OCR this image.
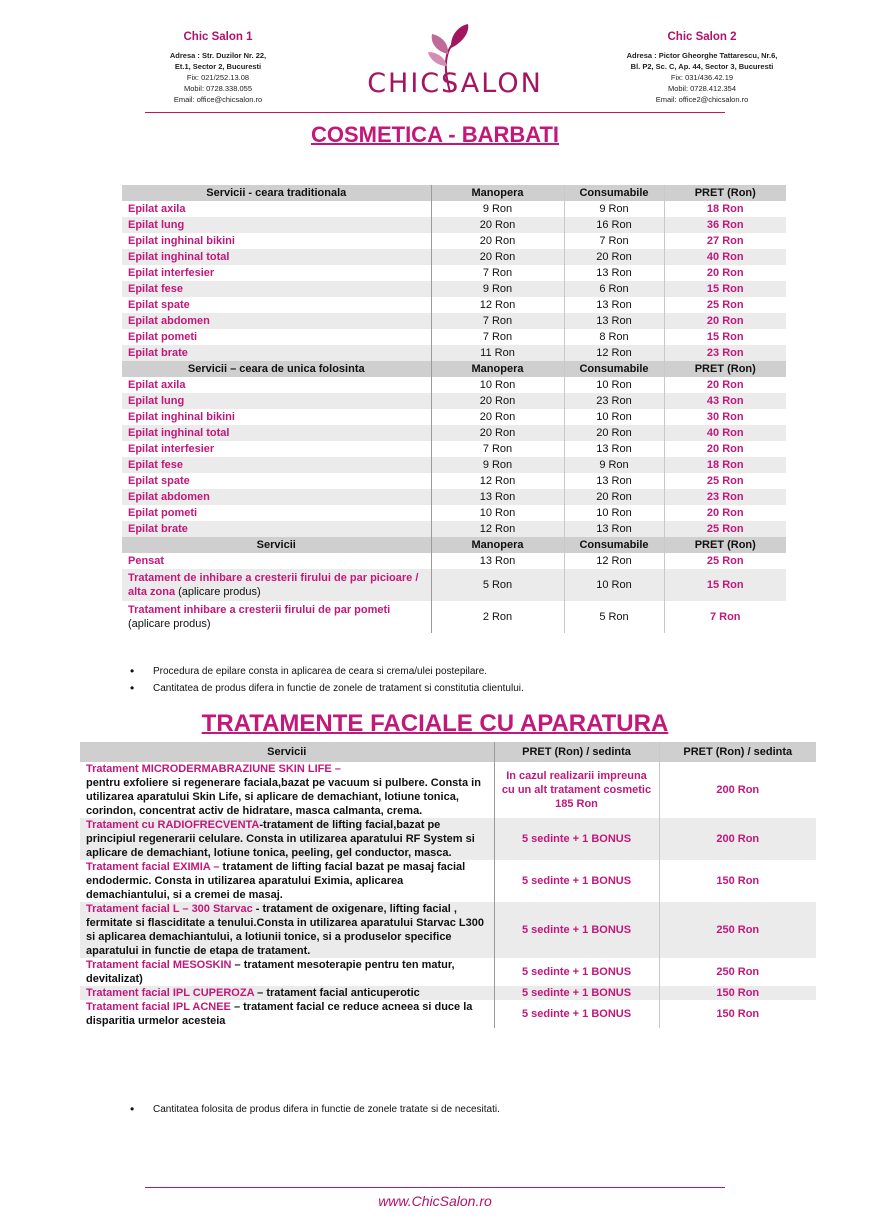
Chic Salon 1
Adresa : Str. Duzilor Nr. 22,
Et.1, Sector 2, Bucuresti
Fix: 021/252.13.08
Mobil: 0728.338.055
Email: office@chicsalon.ro
CHICSALON
Chic Salon 2
Adresa : Pictor Gheorghe Tattarescu, Nr.6,
Bl. P2, Sc. C, Ap. 44, Sector 3, Bucuresti
Fix: 031/436.42.19
Mobil: 0728.412.354
Email: office2@chicsalon.ro
COSMETICA - BARBATI
Servicii - ceara traditionala	Manopera	Consumabile	PRET (Ron)
Epilat axila	9 Ron	9 Ron	18 Ron
Epilat lung	20 Ron	16 Ron	36 Ron
Epilat inghinal bikini	20 Ron	7 Ron	27 Ron
Epilat inghinal total	20 Ron	20 Ron	40 Ron
Epilat interfesier	7 Ron	13 Ron	20 Ron
Epilat fese	9 Ron	6 Ron	15 Ron
Epilat spate	12 Ron	13 Ron	25 Ron
Epilat abdomen	7 Ron	13 Ron	20 Ron
Epilat pometi	7 Ron	8 Ron	15 Ron
Epilat brate	11 Ron	12 Ron	23 Ron
Servicii – ceara de unica folosinta	Manopera	Consumabile	PRET (Ron)
Epilat axila	10 Ron	10 Ron	20 Ron
Epilat lung	20 Ron	23 Ron	43 Ron
Epilat inghinal bikini	20 Ron	10 Ron	30 Ron
Epilat inghinal total	20 Ron	20 Ron	40 Ron
Epilat interfesier	7 Ron	13 Ron	20 Ron
Epilat fese	9 Ron	9 Ron	18 Ron
Epilat spate	12 Ron	13 Ron	25 Ron
Epilat abdomen	13 Ron	20 Ron	23 Ron
Epilat pometi	10 Ron	10 Ron	20 Ron
Epilat brate	12 Ron	13 Ron	25 Ron
Servicii	Manopera	Consumabile	PRET (Ron)
Pensat	13 Ron	12 Ron	25 Ron
Tratament de inhibare a cresterii firului de par picioare / alta zona (aplicare produs)	5 Ron	10 Ron	15 Ron
Tratament inhibare a cresterii firului de par pometi (aplicare produs)	2 Ron	5 Ron	7 Ron
• Procedura de epilare consta in aplicarea de ceara si crema/ulei postepilare.
• Cantitatea de produs difera in functie de zonele de tratament si constitutia clientului.
TRATAMENTE FACIALE CU APARATURA
Servicii	PRET (Ron) / sedinta	PRET (Ron) / sedinta
Tratament MICRODERMABRAZIUNE SKIN LIFE –
pentru exfoliere si regenerare faciala,bazat pe vacuum si pulbere. Consta in utilizarea aparatului Skin Life, si aplicare de demachiant, lotiune tonica, corindon, concentrat activ de hidratare, masca calmanta, crema.	In cazul realizarii impreuna cu un alt tratament cosmetic 185 Ron	200 Ron
Tratament cu RADIOFRECVENTA-tratament de lifting facial,bazat pe principiul regenerarii celulare. Consta in utilizarea aparatului RF System si aplicare de demachiant, lotiune tonica, peeling, gel conductor, masca.	5 sedinte + 1 BONUS	200 Ron
Tratament facial EXIMIA – tratament de lifting facial bazat pe masaj facial endodermic. Consta in utilizarea aparatului Eximia, aplicarea demachiantului, si a cremei de masaj.	5 sedinte + 1 BONUS	150 Ron
Tratament facial L – 300 Starvac - tratament de oxigenare, lifting facial , fermitate si flasciditate a tenului.Consta in utilizarea aparatului Starvac L300 si aplicarea demachiantului, a lotiunii tonice, si a produselor specifice aparatului in functie de etapa de tratament.	5 sedinte + 1 BONUS	250 Ron
Tratament facial MESOSKIN – tratament mesoterapie pentru ten matur, devitalizat)	5 sedinte + 1 BONUS	250 Ron
Tratament facial IPL CUPEROZA – tratament facial anticuperotic	5 sedinte + 1 BONUS	150 Ron
Tratament facial IPL ACNEE – tratament facial ce reduce acneea si duce la disparitia urmelor acesteia	5 sedinte + 1 BONUS	150 Ron
• Cantitatea folosita de produs difera in functie de zonele tratate si de necesitati.
www.ChicSalon.ro
